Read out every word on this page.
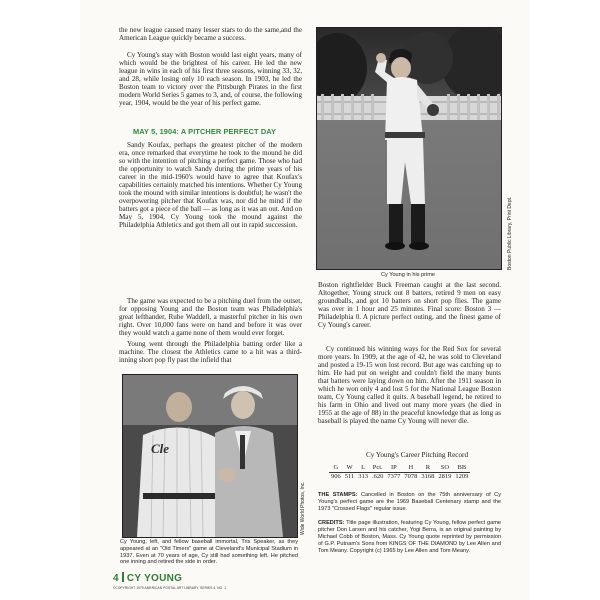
the new league caused many lesser stars to do the same,and the American League quickly became a success.

Cy Young's stay with Boston would last eight years, many of which would be the brightest of his career. He led the new league in wins in each of his first three seasons, winning 33, 32, and 28, while losing only 10 each season. In 1903, he led the Boston team to victory over the Pittsburgh Pirates in the first modern World Series 5 games to 3, and, of course, the following year, 1904, would be the year of his perfect game.

MAY 5, 1904: A PITCHER PERFECT DAY

Sandy Koufax, perhaps the greatest pitcher of the modern era, once remarked that everytime he took to the mound he did so with the intention of pitching a perfect game. Those who had the opportunity to watch Sandy during the prime years of his career in the mid-1960's would have to agree that Koufax's capabilities certainly matched his intentions. Whether Cy Young took the mound with similar intentions is doubtful; he wasn't the overpowering pitcher that Koufax was, nor did he mind if the batters got a piece of the ball — as long as it was an out. And on May 5, 1904, Cy Young took the mound against the Philadelphia Athletics and got them all out in rapid succession.

The game was expected to be a pitching duel from the outset, for opposing Young and the Boston team was Philadelphia's great lefthander, Rube Waddell, a masterful pitcher in his own right. Over 10,000 fans were on hand and before it was over they would watch a game none of them would ever forget.

Young went through the Philadelphia batting order like a machine. The closest the Athletics came to a hit was a third-inning short pop fly past the infield that

Boston Public Library, Print Dept.
Cy Young in his prime

Boston rightfielder Buck Freeman caught at the last second. Altogether, Young struck out 8 batters, retired 9 men on easy groundballs, and got 10 batters on short pop flies. The game was over in 1 hour and 25 minutes. Final score: Boston 3 — Philadelphia 0. A picture perfect outing, and the finest game of Cy Young's career.

Cy continued his winning ways for the Red Sox for several more years. In 1909, at the age of 42, he was sold to Cleveland and posted a 19-15 won lost record. But age was catching up to him. He had put on weight and couldn't field the many bunts that batters were laying down on him. After the 1911 season in which he won only 4 and lost 5 for the National League Boston team, Cy Young called it quits. A baseball legend, he retired to his farm in Ohio and lived out many more years (he died in 1955 at the age of 88) in the peaceful knowledge that as long as baseball is played the name Cy Young will never die.

Cle
Wide World Photos, Inc.

Cy Young, left, and fellow baseball immortal, Tris Speaker, as they appeared at an "Old Timers" game at Cleveland's Municipal Stadium in 1937. Even at 70 years of age, Cy still had something left. He pitched one inning and retired the side in order.

Cy Young's Career Pitching Record
G	W	L	Pct.	IP	H	R	SO	BB
906	511	313	.620	7377	7078	3168	2819	1209

THE STAMPS: Cancelled in Boston on the 75th anniversary of Cy Young's perfect game are the 1969 Baseball Centenary stamp and the 1973 "Crossed Flags" regular issue.

CREDITS: Title page illustration, featuring Cy Young, fellow perfect game pitcher Don Larsen and his catcher, Yogi Berra, is an original painting by Michael Cobb of Boston, Mass. Cy Young quote reprinted by permission of G.P. Putnam's Sons from KINGS OF THE DIAMOND by Lee Allen and Tom Meany. Copyright (c) 1965 by Lee Allen and Tom Meany.

4 CY YOUNG
©COPYRIGHT 1979 AMERICAN POSTAL ART LIBRARY, SERIES 4, NO. 1
